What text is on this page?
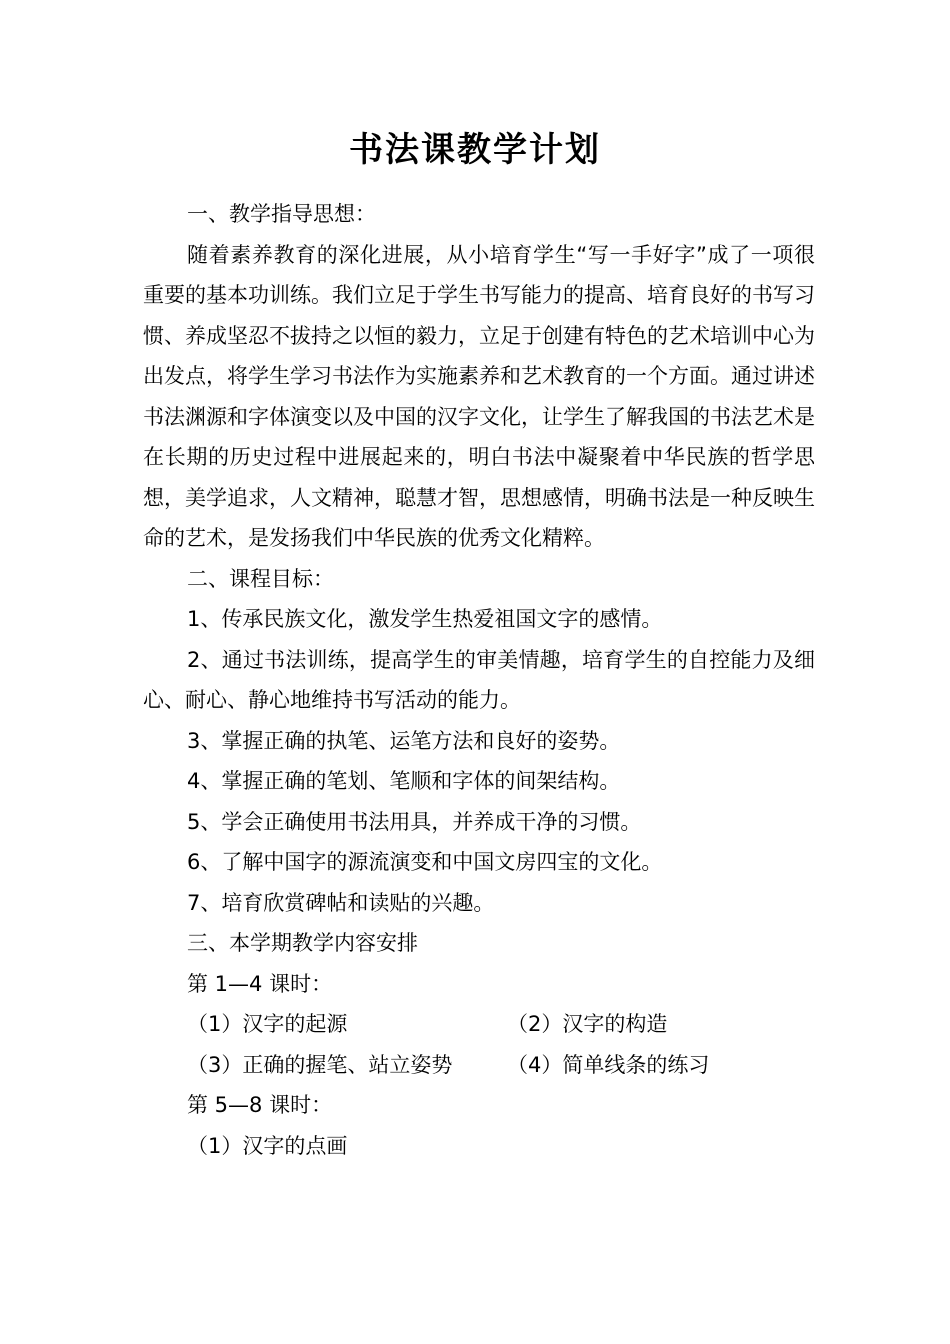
书法课教学计划

一、教学指导思想：

随着素养教育的深化进展，从小培育学生“写一手好字”成了一项很重要的基本功训练。我们立足于学生书写能力的提高、培育良好的书写习惯、养成坚忍不拔持之以恒的毅力，立足于创建有特色的艺术培训中心为出发点，将学生学习书法作为实施素养和艺术教育的一个方面。通过讲述书法渊源和字体演变以及中国的汉字文化，让学生了解我国的书法艺术是在长期的历史过程中进展起来的，明白书法中凝聚着中华民族的哲学思想，美学追求，人文精神，聪慧才智，思想感情，明确书法是一种反映生命的艺术，是发扬我们中华民族的优秀文化精粹。

二、课程目标：

1、传承民族文化，激发学生热爱祖国文字的感情。

2、通过书法训练，提高学生的审美情趣，培育学生的自控能力及细心、耐心、静心地维持书写活动的能力。

3、掌握正确的执笔、运笔方法和良好的姿势。

4、掌握正确的笔划、笔顺和字体的间架结构。

5、学会正确使用书法用具，并养成干净的习惯。

6、了解中国字的源流演变和中国文房四宝的文化。

7、培育欣赏碑帖和读贴的兴趣。

三、本学期教学内容安排

第 1—4 课时：

（1）汉字的起源	（2）汉字的构造
（3）正确的握笔、站立姿势	（4）简单线条的练习

第 5—8 课时：

（1）汉字的点画
